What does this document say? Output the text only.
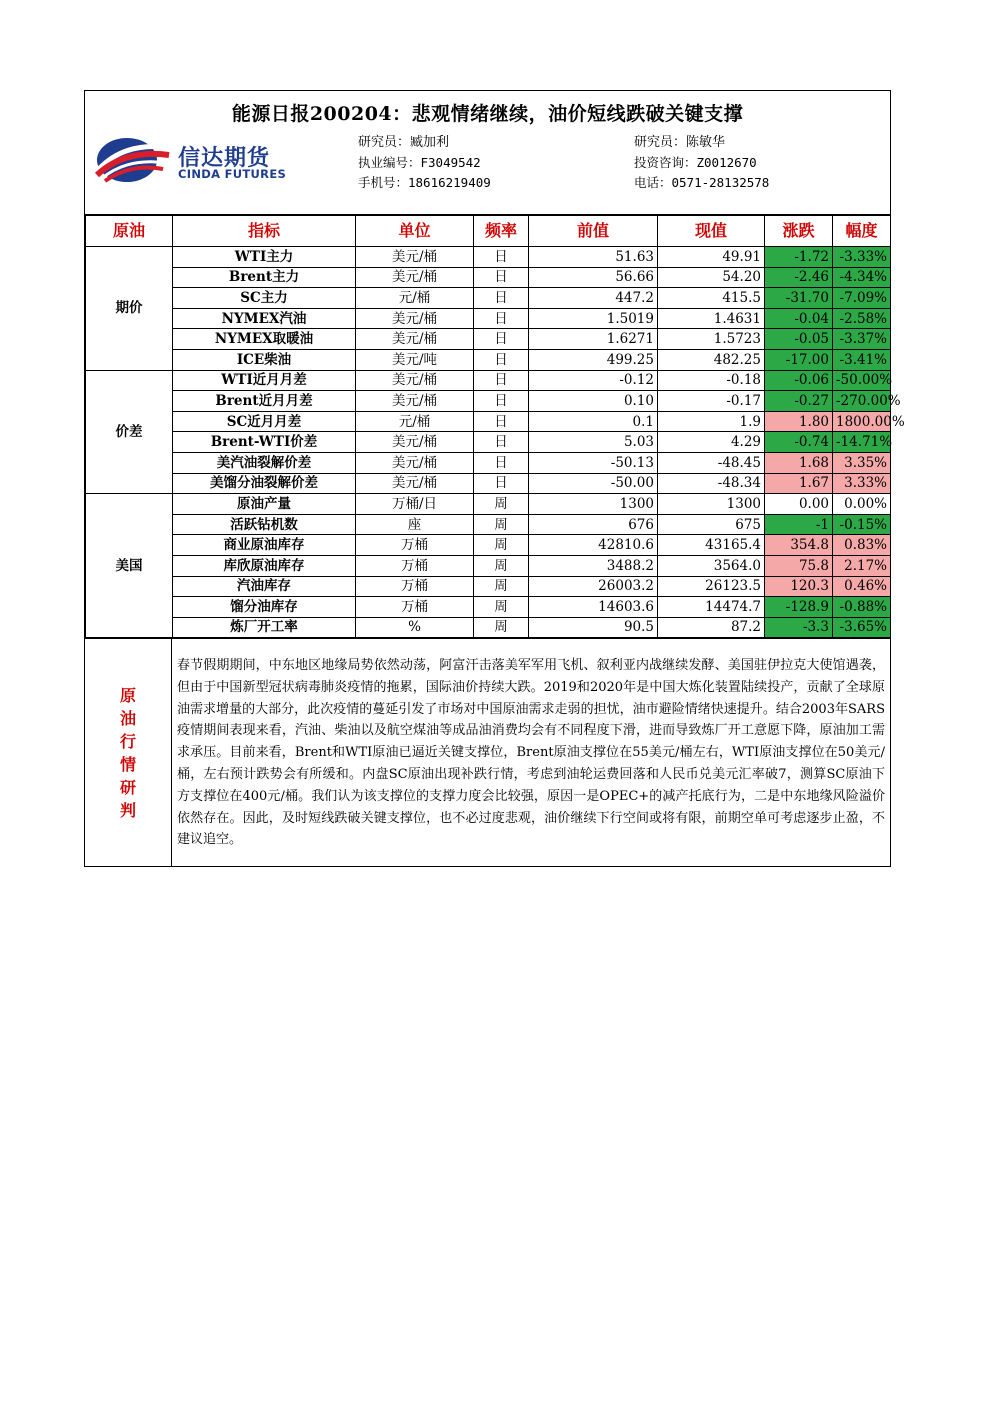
能源日报200204：悲观情绪继续，油价短线跌破关键支撑
信达期货
CINDA FUTURES
研究员：臧加利
执业编号：F3049542
手机号：18616219409
研究员：陈敏华
投资咨询：Z0012670
电话：0571-28132578
原油	指标	单位	频率	前值	现值	涨跌	幅度
期价	WTI主力	美元/桶	日	51.63	49.91	-1.72	-3.33%
	Brent主力	美元/桶	日	56.66	54.20	-2.46	-4.34%
	SC主力	元/桶	日	447.2	415.5	-31.70	-7.09%
	NYMEX汽油	美元/桶	日	1.5019	1.4631	-0.04	-2.58%
	NYMEX取暖油	美元/桶	日	1.6271	1.5723	-0.05	-3.37%
	ICE柴油	美元/吨	日	499.25	482.25	-17.00	-3.41%
价差	WTI近月月差	美元/桶	日	-0.12	-0.18	-0.06	-50.00%
	Brent近月月差	美元/桶	日	0.10	-0.17	-0.27	-270.00%
	SC近月月差	元/桶	日	0.1	1.9	1.80	1800.00%
	Brent-WTI价差	美元/桶	日	5.03	4.29	-0.74	-14.71%
	美汽油裂解价差	美元/桶	日	-50.13	-48.45	1.68	3.35%
	美馏分油裂解价差	美元/桶	日	-50.00	-48.34	1.67	3.33%
美国	原油产量	万桶/日	周	1300	1300	0.00	0.00%
	活跃钻机数	座	周	676	675	-1	-0.15%
	商业原油库存	万桶	周	42810.6	43165.4	354.8	0.83%
	库欣原油库存	万桶	周	3488.2	3564.0	75.8	2.17%
	汽油库存	万桶	周	26003.2	26123.5	120.3	0.46%
	馏分油库存	万桶	周	14603.6	14474.7	-128.9	-0.88%
	炼厂开工率	%	周	90.5	87.2	-3.3	-3.65%
原
油
行
情
研
判
春节假期期间，中东地区地缘局势依然动荡，阿富汗击落美军军用飞机、叙利亚内战继续发酵、美国驻伊拉克大使馆遇袭，但由于中国新型冠状病毒肺炎疫情的拖累，国际油价持续大跌。2019和2020年是中国大炼化装置陆续投产，贡献了全球原油需求增量的大部分，此次疫情的蔓延引发了市场对中国原油需求走弱的担忧，油市避险情绪快速提升。结合2003年SARS疫情期间表现来看，汽油、柴油以及航空煤油等成品油消费均会有不同程度下滑，进而导致炼厂开工意愿下降，原油加工需求承压。目前来看，Brent和WTI原油已逼近关键支撑位，Brent原油支撑位在55美元/桶左右，WTI原油支撑位在50美元/桶，左右预计跌势会有所缓和。内盘SC原油出现补跌行情，考虑到油轮运费回落和人民币兑美元汇率破7，测算SC原油下方支撑位在400元/桶。我们认为该支撑位的支撑力度会比较强，原因一是OPEC+的减产托底行为，二是中东地缘风险溢价依然存在。因此，及时短线跌破关键支撑位，也不必过度悲观，油价继续下行空间或将有限，前期空单可考虑逐步止盈，不建议追空。
